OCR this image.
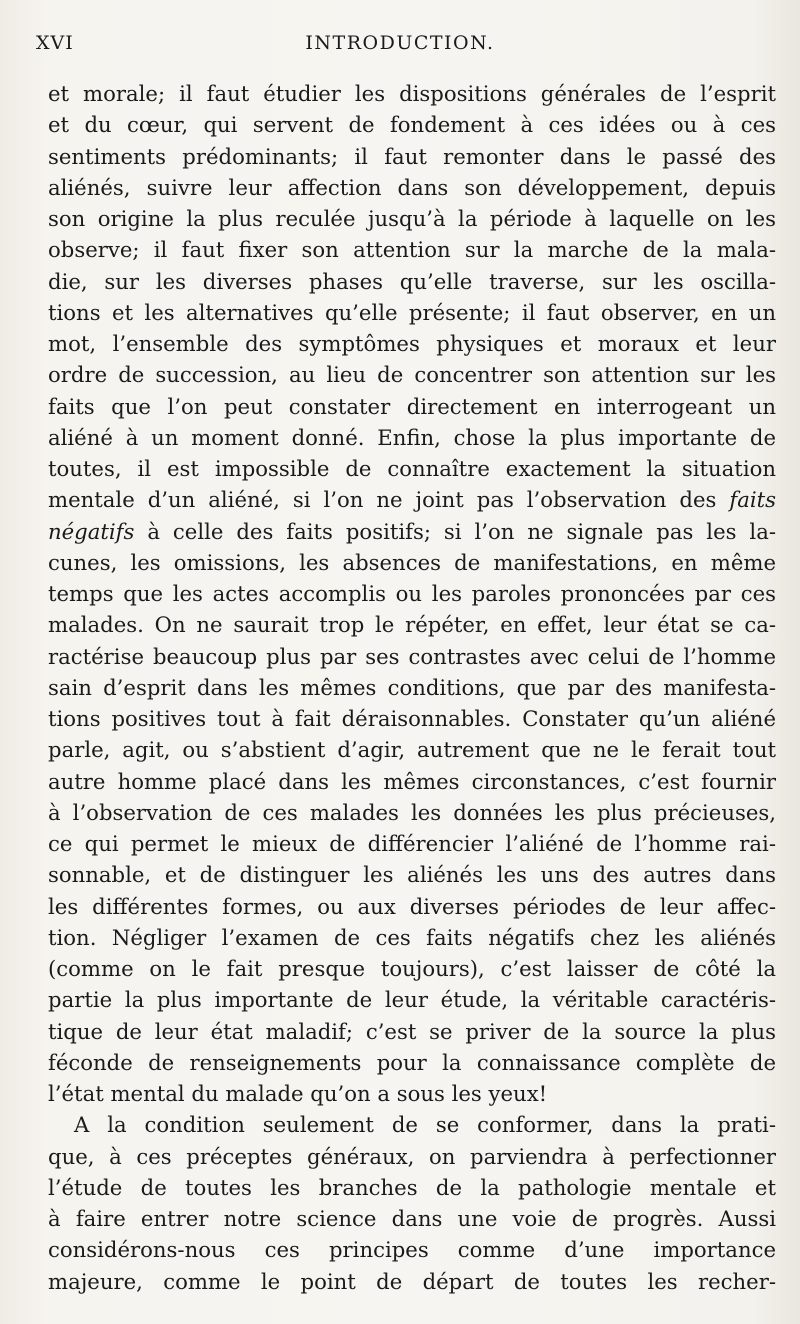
XVI	INTRODUCTION.
et morale; il faut étudier les dispositions générales de l’esprit
et du cœur, qui servent de fondement à ces idées ou à ces
sentiments prédominants; il faut remonter dans le passé des
aliénés, suivre leur affection dans son développement, depuis
son origine la plus reculée jusqu’à la période à laquelle on les
observe; il faut fixer son attention sur la marche de la mala-
die, sur les diverses phases qu’elle traverse, sur les oscilla-
tions et les alternatives qu’elle présente; il faut observer, en un
mot, l’ensemble des symptômes physiques et moraux et leur
ordre de succession, au lieu de concentrer son attention sur les
faits que l’on peut constater directement en interrogeant un
aliéné à un moment donné. Enfin, chose la plus importante de
toutes, il est impossible de connaître exactement la situation
mentale d’un aliéné, si l’on ne joint pas l’observation des faits
négatifs à celle des faits positifs; si l’on ne signale pas les la-
cunes, les omissions, les absences de manifestations, en même
temps que les actes accomplis ou les paroles prononcées par ces
malades. On ne saurait trop le répéter, en effet, leur état se ca-
ractérise beaucoup plus par ses contrastes avec celui de l’homme
sain d’esprit dans les mêmes conditions, que par des manifesta-
tions positives tout à fait déraisonnables. Constater qu’un aliéné
parle, agit, ou s’abstient d’agir, autrement que ne le ferait tout
autre homme placé dans les mêmes circonstances, c’est fournir
à l’observation de ces malades les données les plus précieuses,
ce qui permet le mieux de différencier l’aliéné de l’homme rai-
sonnable, et de distinguer les aliénés les uns des autres dans
les différentes formes, ou aux diverses périodes de leur affec-
tion. Négliger l’examen de ces faits négatifs chez les aliénés
(comme on le fait presque toujours), c’est laisser de côté la
partie la plus importante de leur étude, la véritable caractéris-
tique de leur état maladif; c’est se priver de la source la plus
féconde de renseignements pour la connaissance complète de
l’état mental du malade qu’on a sous les yeux!
A la condition seulement de se conformer, dans la prati-
que, à ces préceptes généraux, on parviendra à perfectionner
l’étude de toutes les branches de la pathologie mentale et
à faire entrer notre science dans une voie de progrès. Aussi
considérons-nous ces principes comme d’une importance
majeure, comme le point de départ de toutes les recher-
